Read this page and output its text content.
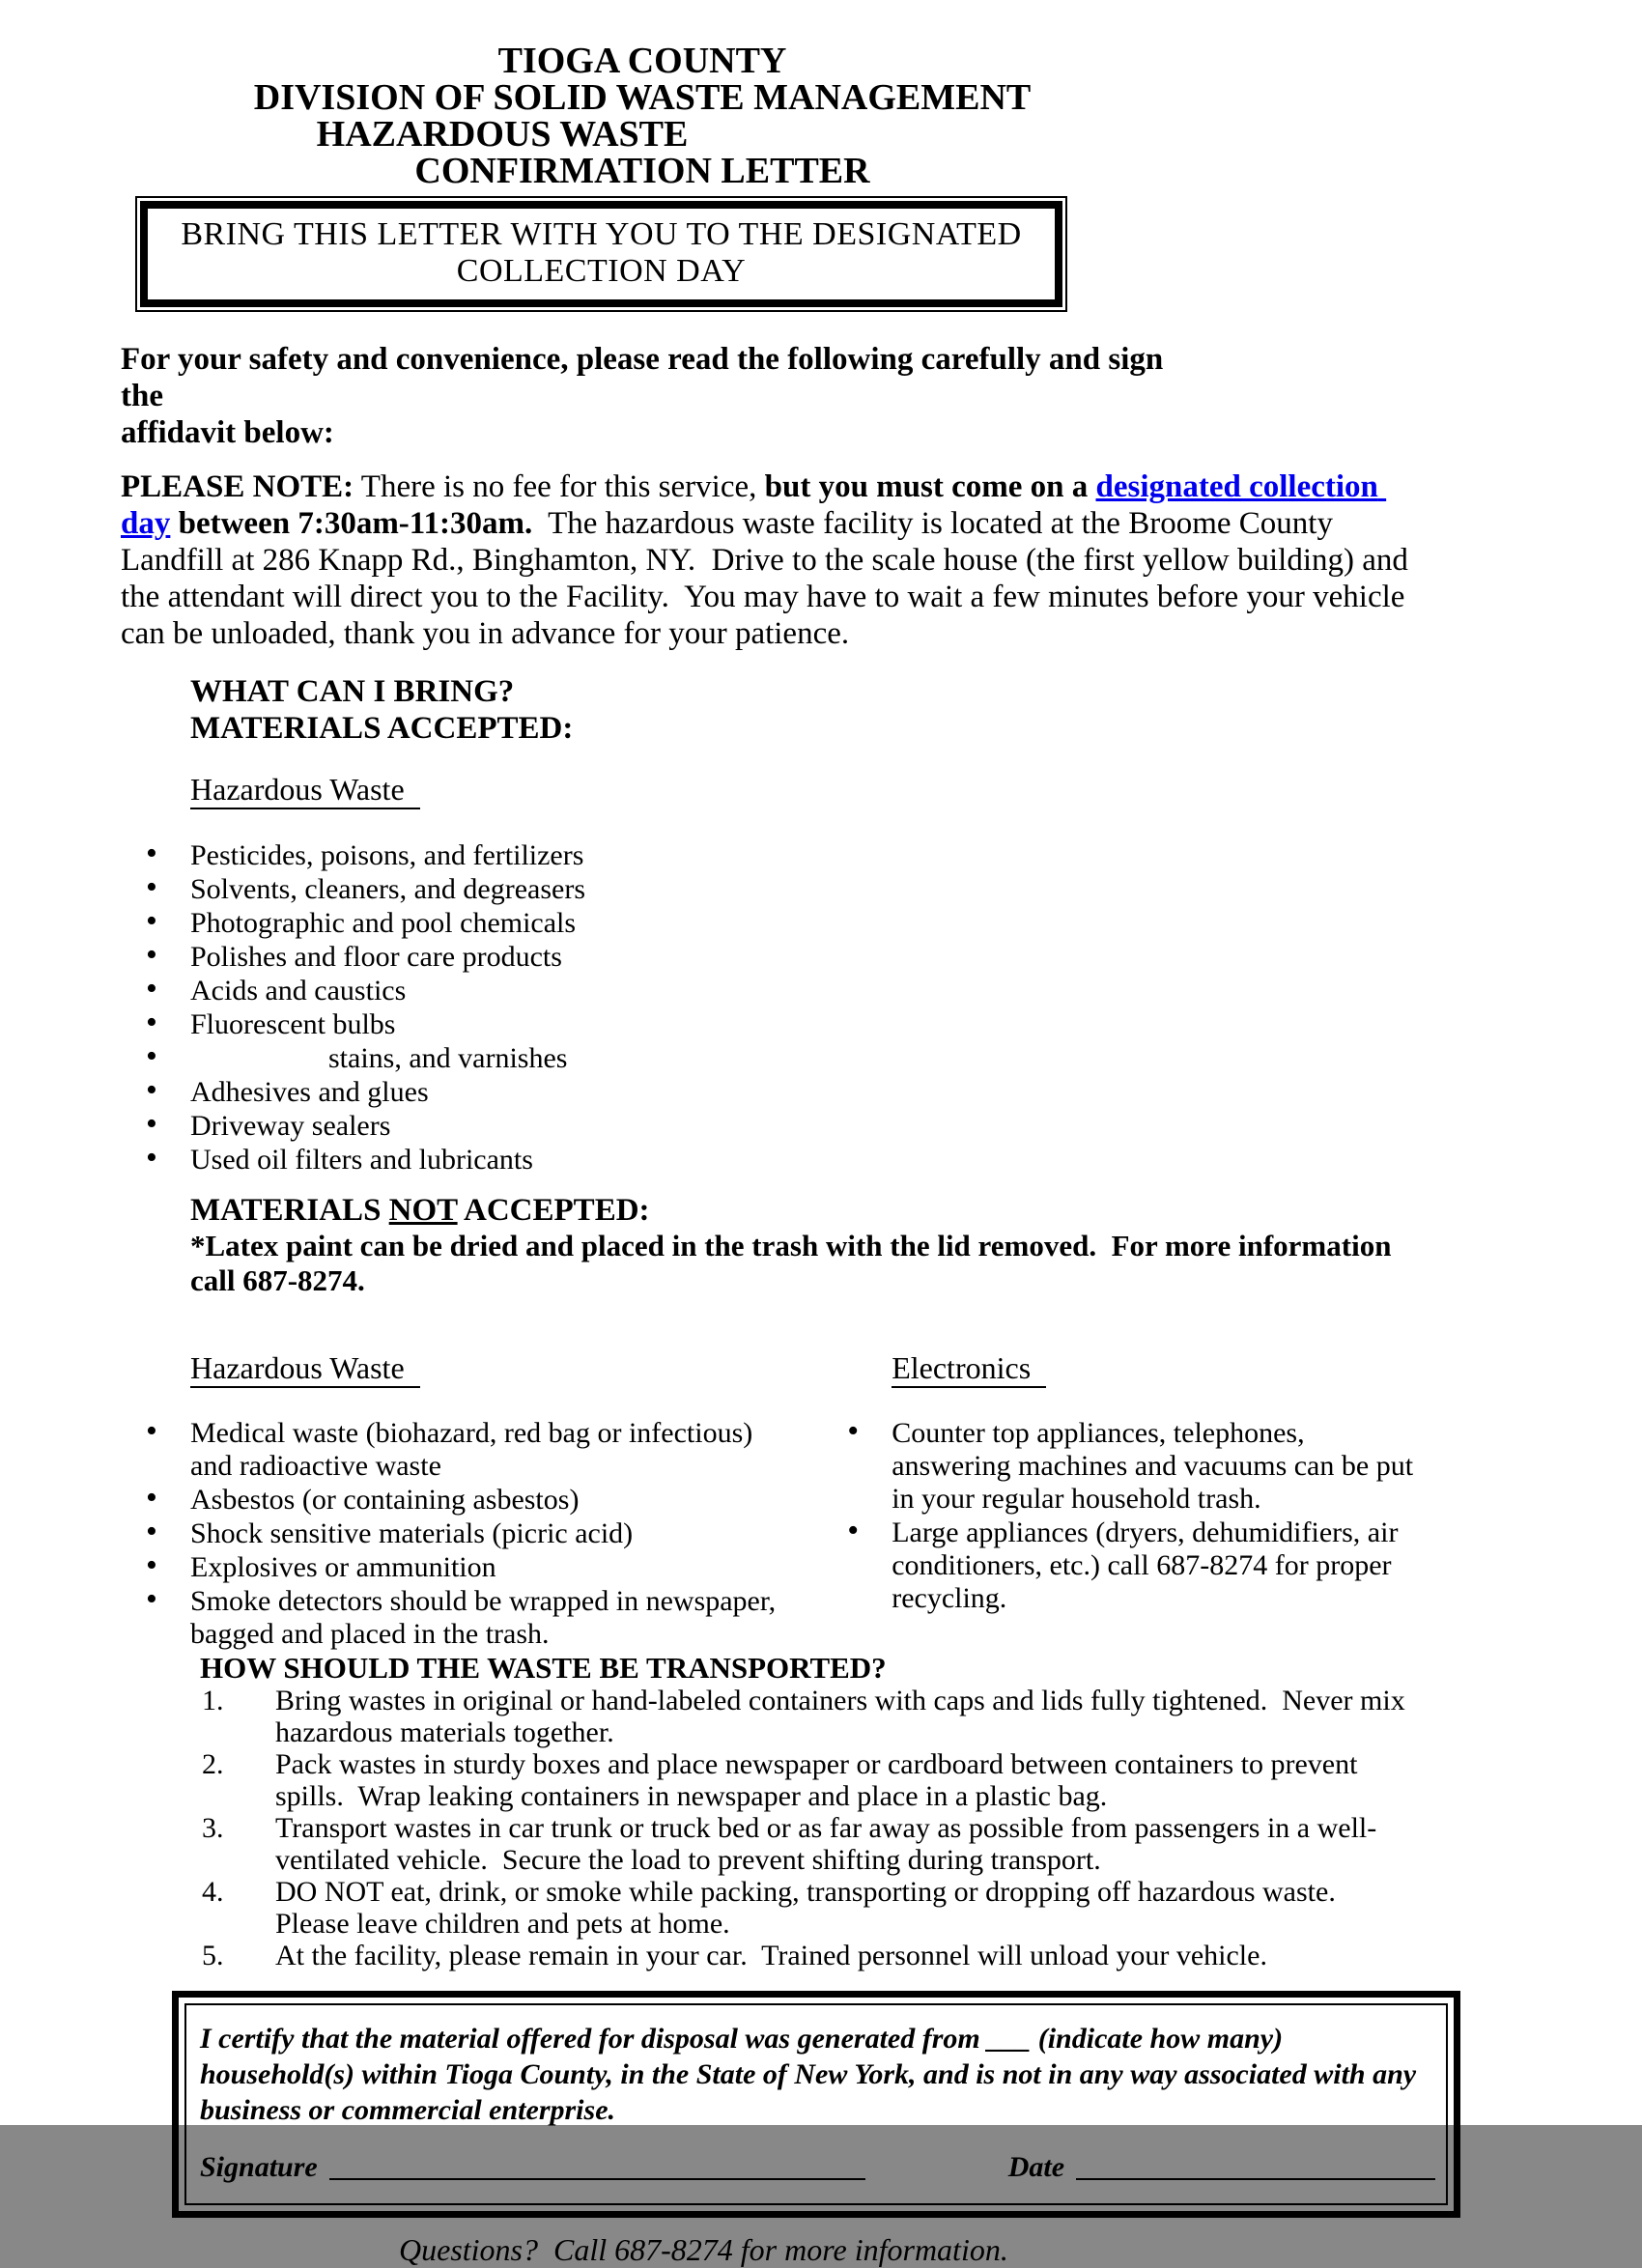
TIOGA COUNTY
DIVISION OF SOLID WASTE MANAGEMENT
HAZARDOUS WASTE
CONFIRMATION LETTER
BRING THIS LETTER WITH YOU TO THE DESIGNATED
COLLECTION DAY

For your safety and convenience, please read the following carefully and sign the
affidavit below:

PLEASE NOTE: There is no fee for this service, but you must come on a designated collection day between 7:30am-11:30am.  The hazardous waste facility is located at the Broome County Landfill at 286 Knapp Rd., Binghamton, NY.  Drive to the scale house (the first yellow building) and the attendant will direct you to the Facility.  You may have to wait a few minutes before your vehicle can be unloaded, thank you in advance for your patience.

WHAT CAN I BRING?
MATERIALS ACCEPTED:
Hazardous Waste
• Pesticides, poisons, and fertilizers
• Solvents, cleaners, and degreasers
• Photographic and pool chemicals
• Polishes and floor care products
• Acids and caustics
• Fluorescent bulbs
• stains, and varnishes
• Adhesives and glues
• Driveway sealers
• Used oil filters and lubricants
MATERIALS NOT ACCEPTED:
*Latex paint can be dried and placed in the trash with the lid removed.  For more information call 687-8274.
Hazardous Waste
• Medical waste (biohazard, red bag or infectious) and radioactive waste
• Asbestos (or containing asbestos)
• Shock sensitive materials (picric acid)
• Explosives or ammunition
• Smoke detectors should be wrapped in newspaper, bagged and placed in the trash.
Electronics
• Counter top appliances, telephones, answering machines and vacuums can be put in your regular household trash.
• Large appliances (dryers, dehumidifiers, air conditioners, etc.) call 687-8274 for proper recycling.
HOW SHOULD THE WASTE BE TRANSPORTED?
1. Bring wastes in original or hand-labeled containers with caps and lids fully tightened.  Never mix hazardous materials together.
2. Pack wastes in sturdy boxes and place newspaper or cardboard between containers to prevent spills.  Wrap leaking containers in newspaper and place in a plastic bag.
3. Transport wastes in car trunk or truck bed or as far away as possible from passengers in a well-ventilated vehicle.  Secure the load to prevent shifting during transport.
4. DO NOT eat, drink, or smoke while packing, transporting or dropping off hazardous waste.  Please leave children and pets at home.
5. At the facility, please remain in your car.  Trained personnel will unload your vehicle.

I certify that the material offered for disposal was generated from ___ (indicate how many) household(s) within Tioga County, in the State of New York, and is not in any way associated with any business or commercial enterprise.

Signature	Date
Questions?  Call 687-8274 for more information.
